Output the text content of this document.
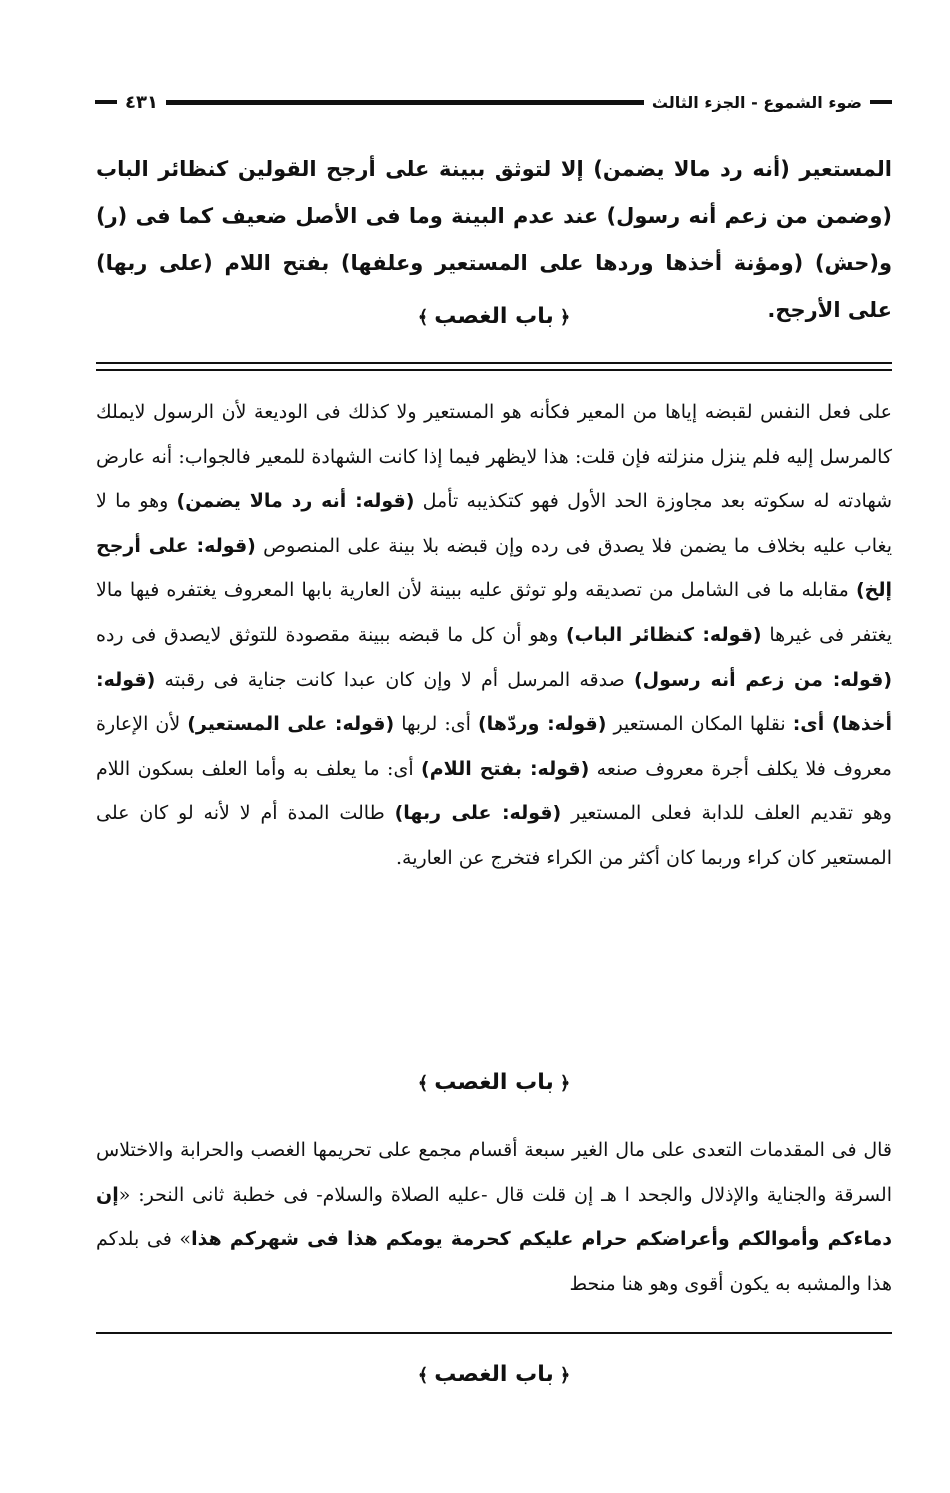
ضوء الشموع - الجزء الثالث
٤٣١

المستعير (أنه رد مالا يضمن) إلا لتوثق ببينة على أرجح القولين كنظائر الباب (وضمن من زعم أنه رسول) عند عدم البينة وما فى الأصل ضعيف كما فى (ر) و(حش) (ومؤنة أخذها وردها على المستعير وعلفها) بفتح اللام (على ربها) على الأرجح.

﴿باب الغصب﴾

على فعل النفس لقبضه إياها من المعير فكأنه هو المستعير ولا كذلك فى الوديعة لأن الرسول لايملك كالمرسل إليه فلم ينزل منزلته فإن قلت: هذا لايظهر فيما إذا كانت الشهادة للمعير فالجواب: أنه عارض شهادته له سكوته بعد مجاوزة الحد الأول فهو كتكذيبه تأمل (قوله: أنه رد مالا يضمن) وهو ما لا يغاب عليه بخلاف ما يضمن فلا يصدق فى رده وإن قبضه بلا بينة على المنصوص (قوله: على أرجح إلخ) مقابله ما فى الشامل من تصديقه ولو توثق عليه ببينة لأن العارية بابها المعروف يغتفره فيها مالا يغتفر فى غيرها (قوله: كنظائر الباب) وهو أن كل ما قبضه ببينة مقصودة للتوثق لايصدق فى رده (قوله: من زعم أنه رسول) صدقه المرسل أم لا وإن كان عبدا كانت جناية فى رقبته (قوله: أخذها) أى: نقلها المكان المستعير (قوله: وردّها) أى: لربها (قوله: على المستعير) لأن الإعارة معروف فلا يكلف أجرة معروف صنعه (قوله: بفتح اللام) أى: ما يعلف به وأما العلف بسكون اللام وهو تقديم العلف للدابة فعلى المستعير (قوله: على ربها) طالت المدة أم لا لأنه لو كان على المستعير كان كراء وربما كان أكثر من الكراء فتخرج عن العارية.

﴿باب الغصب﴾

قال فى المقدمات التعدى على مال الغير سبعة أقسام مجمع على تحريمها الغصب والحرابة والاختلاس السرقة والجناية والإذلال والجحد ا هـ إن قلت قال -عليه الصلاة والسلام- فى خطبة ثانى النحر: «إن دماءكم وأموالكم وأعراضكم حرام عليكم كحرمة يومكم هذا فى شهركم هذا» فى بلدكم هذا والمشبه به يكون أقوى وهو هنا منحط

﴿باب الغصب﴾
